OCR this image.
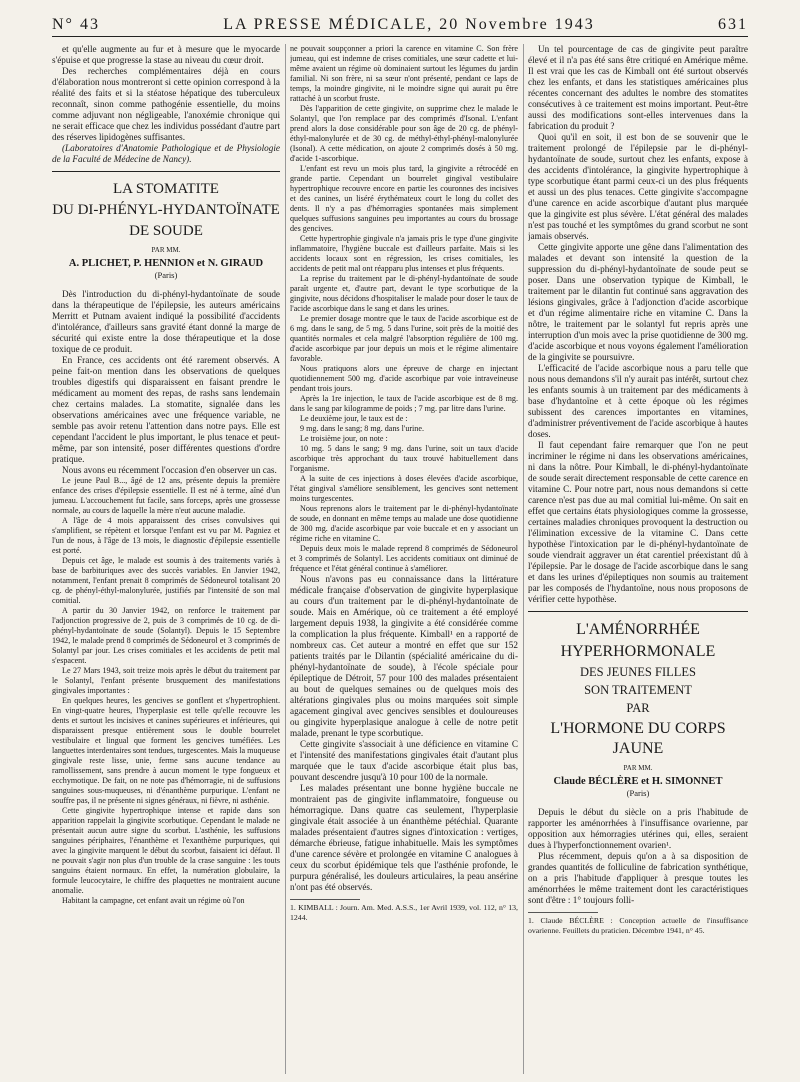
N° 43	LA PRESSE MÉDICALE, 20 Novembre 1943	631

et qu'elle augmente au fur et à mesure que le myocarde s'épuise et que progresse la stase au niveau du cœur droit.

Des recherches complémentaires déjà en cours d'élaboration nous montreront si cette opinion correspond à la réalité des faits et si la stéatose hépatique des tuberculeux reconnaît, sinon comme pathogénie essentielle, du moins comme adjuvant non négligeable, l'anoxémie chronique qui ne serait efficace que chez les individus possédant d'autre part des réserves lipidogènes suffisantes.

(Laboratoires d'Anatomie Pathologique et de Physiologie de la Faculté de Médecine de Nancy).

LA STOMATITE
DU DI-PHÉNYL-HYDANTOÏNATE
DE SOUDE
PAR MM.
A. PLICHET, P. HENNION et N. GIRAUD
(Paris)

Dès l'introduction du di-phényl-hydantoïnate de soude dans la thérapeutique de l'épilepsie, les auteurs américains Merritt et Putnam avaient indiqué la possibilité d'accidents d'intolérance, d'ailleurs sans gravité étant donné la marge de sécurité qui existe entre la dose thérapeutique et la dose toxique de ce produit.

En France, ces accidents ont été rarement observés. A peine fait-on mention dans les observations de quelques troubles digestifs qui disparaissent en faisant prendre le médicament au moment des repas, de rashs sans lendemain chez certains malades. La stomatite, signalée dans les observations américaines avec une fréquence variable, ne semble pas avoir retenu l'attention dans notre pays. Elle est cependant l'accident le plus important, le plus tenace et peut-même, par son intensité, poser différentes questions d'ordre pratique.

Nous avons eu récemment l'occasion d'en observer un cas.

Le jeune Paul B..., âgé de 12 ans, présente depuis la première enfance des crises d'épilepsie essentielle. Il est né à terme, aîné d'un jumeau. L'accouchement fut facile, sans forceps, après une grossesse normale, au cours de laquelle la mère n'eut aucune maladie.

A l'âge de 4 mois apparaissent des crises convulsives qui s'amplifient, se répètent et lorsque l'enfant est vu par M. Pagniez et l'un de nous, à l'âge de 13 mois, le diagnostic d'épilepsie essentielle est porté.

Depuis cet âge, le malade est soumis à des traitements variés à base de barbituriques avec des succès variables. En Janvier 1942, notamment, l'enfant prenait 8 comprimés de Sédoneurol totalisant 20 cg. de phényl-éthyl-malonylurée, justifiés par l'intensité de son mal comitial.

A partir du 30 Janvier 1942, on renforce le traitement par l'adjonction progressive de 2, puis de 3 comprimés de 10 cg. de di-phényl-hydantoïnate de soude (Solantyl). Depuis le 15 Septembre 1942, le malade prend 8 comprimés de Sédoneurol et 3 comprimés de Solantyl par jour. Les crises comitiales et les accidents de petit mal s'espacent.

Le 27 Mars 1943, soit treize mois après le début du traitement par le Solantyl, l'enfant présente brusquement des manifestations gingivales importantes :

En quelques heures, les gencives se gonflent et s'hypertrophient. En vingt-quatre heures, l'hyperplasie est telle qu'elle recouvre les dents et surtout les incisives et canines supérieures et inférieures, qui disparaissent presque entièrement sous le double bourrelet vestibulaire et lingual que forment les gencives tuméfiées. Les languettes interdentaires sont tendues, turgescentes. Mais la muqueuse gingivale reste lisse, unie, ferme sans aucune tendance au ramollissement, sans prendre à aucun moment le type fongueux et ecchymotique. De fait, on ne note pas d'hémorragie, ni de suffusions sanguines sous-muqueuses, ni d'énanthème purpurique. L'enfant ne souffre pas, il ne présente ni signes généraux, ni fièvre, ni asthénie.

Cette gingivite hypertrophique intense et rapide dans son apparition rappelait la gingivite scorbutique. Cependant le malade ne présentait aucun autre signe du scorbut. L'asthénie, les suffusions sanguines périphaires, l'énanthème et l'exanthème purpuriques, qui avec la gingivite marquent le début du scorbut, faisaient ici défaut. Il ne pouvait s'agir non plus d'un trouble de la crase sanguine : les touts sanguins étaient normaux. En effet, la numération globulaire, la formule leucocytaire, le chiffre des plaquettes ne montraient aucune anomalie.

Habitant la campagne, cet enfant avait un régime où l'on

ne pouvait soupçonner a priori la carence en vitamine C. Son frère jumeau, qui est indemne de crises comitiales, une sœur cadette et lui-même avaient un régime où dominaient surtout les légumes du jardin familial. Ni son frère, ni sa sœur n'ont présenté, pendant ce laps de temps, la moindre gingivite, ni le moindre signe qui aurait pu être rattaché à un scorbut fruste.

Dès l'apparition de cette gingivite, on supprime chez le malade le Solantyl, que l'on remplace par des comprimés d'Isonal. L'enfant prend alors la dose considérable pour son âge de 20 cg. de phényl-éthyl-malonylurée et de 30 cg. de méthyl-éthyl-phényl-malonylurée (Isonal). A cette médication, on ajoute 2 comprimés dosés à 50 mg. d'acide 1-ascorbique.

L'enfant est revu un mois plus tard, la gingivite a rétrocédé en grande partie. Cependant un bourrelet gingival vestibulaire hypertrophique recouvre encore en partie les couronnes des incisives et des canines, un liséré érythémateux court le long du collet des dents. Il n'y a pas d'hémorragies spontanées mais simplement quelques suffusions sanguines peu importantes au cours du brossage des gencives.

Cette hypertrophie gingivale n'a jamais pris le type d'une gingivite inflammatoire, l'hygiène buccale est d'ailleurs parfaite. Mais si les accidents locaux sont en régression, les crises comitiales, les accidents de petit mal ont réapparu plus intenses et plus fréquents.

La reprise du traitement par le di-phényl-hydantoïnate de soude paraît urgente et, d'autre part, devant le type scorbutique de la gingivite, nous décidons d'hospitaliser le malade pour doser le taux de l'acide ascorbique dans le sang et dans les urines.

Le premier dosage montre que le taux de l'acide ascorbique est de 6 mg. dans le sang, de 5 mg. 5 dans l'urine, soit près de la moitié des quantités normales et cela malgré l'absorption régulière de 100 mg. d'acide ascorbique par jour depuis un mois et le régime alimentaire favorable.

Nous pratiquons alors une épreuve de charge en injectant quotidiennement 500 mg. d'acide ascorbique par voie intraveineuse pendant trois jours.

Après la 1re injection, le taux de l'acide ascorbique est de 8 mg. dans le sang par kilogramme de poids ; 7 mg. par litre dans l'urine.

Le deuxième jour, le taux est de :

9 mg. dans le sang; 8 mg. dans l'urine.

Le troisième jour, on note :

10 mg. 5 dans le sang; 9 mg. dans l'urine, soit un taux d'acide ascorbique très approchant du taux trouvé habituellement dans l'organisme.

A la suite de ces injections à doses élevées d'acide ascorbique, l'état gingival s'améliore sensiblement, les gencives sont nettement moins turgescentes.

Nous reprenons alors le traitement par le di-phényl-hydantoïnate de soude, en donnant en même temps au malade une dose quotidienne de 300 mg. d'acide ascorbique par voie buccale et en y associant un régime riche en vitamine C.

Depuis deux mois le malade reprend 8 comprimés de Sédoneurol et 3 comprimés de Solantyl. Les accidents comitiaux ont diminué de fréquence et l'état général continue à s'améliorer.

Nous n'avons pas eu connaissance dans la littérature médicale française d'observation de gingivite hyperplasique au cours d'un traitement par le di-phényl-hydantoïnate de soude. Mais en Amérique, où ce traitement a été employé largement depuis 1938, la gingivite a été considérée comme la complication la plus fréquente. Kimball¹ en a rapporté de nombreux cas. Cet auteur a montré en effet que sur 152 patients traités par le Dilantin (spécialité américaine du di-phényl-hydantoïnate de soude), à l'école spéciale pour épileptique de Détroit, 57 pour 100 des malades présentaient au bout de quelques semaines ou de quelques mois des altérations gingivales plus ou moins marquées soit simple agacement gingival avec gencives sensibles et douloureuses ou gingivite hyperplasique analogue à celle de notre petit malade, prenant le type scorbutique.

Cette gingivite s'associait à une déficience en vitamine C et l'intensité des manifestations gingivales était d'autant plus marquée que le taux d'acide ascorbique était plus bas, pouvant descendre jusqu'à 10 pour 100 de la normale.

Les malades présentant une bonne hygiène buccale ne montraient pas de gingivite inflammatoire, fongueuse ou hémorragique. Dans quatre cas seulement, l'hyperplasie gingivale était associée à un énanthème pétéchial. Quarante malades présentaient d'autres signes d'intoxication : vertiges, démarche ébrieuse, fatigue inhabituelle. Mais les symptômes d'une carence sévère et prolongée en vitamine C analogues à ceux du scorbut épidémique tels que l'asthénie profonde, le purpura généralisé, les douleurs articulaires, la peau ansérine n'ont pas été observés.

1. KIMBALL : Journ. Am. Med. A.S.S., 1er Avril 1939, vol. 112, n° 13, 1244.

Un tel pourcentage de cas de gingivite peut paraître élevé et il n'a pas été sans être critiqué en Amérique même. Il est vrai que les cas de Kimball ont été surtout observés chez les enfants, et dans les statistiques américaines plus récentes concernant des adultes le nombre des stomatites consécutives à ce traitement est moins important. Peut-être aussi des modifications sont-elles intervenues dans la fabrication du produit ?

Quoi qu'il en soit, il est bon de se souvenir que le traitement prolongé de l'épilepsie par le di-phényl-hydantoïnate de soude, surtout chez les enfants, expose à des accidents d'intolérance, la gingivite hypertrophique à type scorbutique étant parmi ceux-ci un des plus fréquents et aussi un des plus tenaces. Cette gingivite s'accompagne d'une carence en acide ascorbique d'autant plus marquée que la gingivite est plus sévère. L'état général des malades n'est pas touché et les symptômes du grand scorbut ne sont jamais observés.

Cette gingivite apporte une gêne dans l'alimentation des malades et devant son intensité la question de la suppression du di-phényl-hydantoïnate de soude peut se poser. Dans une observation typique de Kimball, le traitement par le dilantin fut continué sans aggravation des lésions gingivales, grâce à l'adjonction d'acide ascorbique et d'un régime alimentaire riche en vitamine C. Dans la nôtre, le traitement par le solantyl fut repris après une interruption d'un mois avec la prise quotidienne de 300 mg. d'acide ascorbique et nous voyons également l'amélioration de la gingivite se poursuivre.

L'efficacité de l'acide ascorbique nous a paru telle que nous nous demandons s'il n'y aurait pas intérêt, surtout chez les enfants soumis à un traitement par des médicaments à base d'hydantoïne et à cette époque où les régimes subissent des carences importantes en vitamines, d'administrer préventivement de l'acide ascorbique à hautes doses.

Il faut cependant faire remarquer que l'on ne peut incriminer le régime ni dans les observations américaines, ni dans la nôtre. Pour Kimball, le di-phényl-hydantoïnate de soude serait directement responsable de cette carence en vitamine C. Pour notre part, nous nous demandons si cette carence n'est pas due au mal comitial lui-même. On sait en effet que certains états physiologiques comme la grossesse, certaines maladies chroniques provoquent la destruction ou l'élimination excessive de la vitamine C. Dans cette hypothèse l'intoxication par le di-phényl-hydantoïnate de soude viendrait aggraver un état carentiel préexistant dû à l'épilepsie. Par le dosage de l'acide ascorbique dans le sang et dans les urines d'épileptiques non soumis au traitement par les composés de l'hydantoïne, nous nous proposons de vérifier cette hypothèse.

L'AMÉNORRHÉE
HYPERHORMONALE
DES JEUNES FILLES
SON TRAITEMENT
PAR
L'HORMONE DU CORPS JAUNE
PAR MM.
Claude BÉCLÈRE et H. SIMONNET
(Paris)

Depuis le début du siècle on a pris l'habitude de rapporter les aménorrhées à l'insuffisance ovarienne, par opposition aux hémorragies utérines qui, elles, seraient dues à l'hyperfonctionnement ovarien¹.

Plus récemment, depuis qu'on a à sa disposition de grandes quantités de folliculine de fabrication synthétique, on a pris l'habitude d'appliquer à presque toutes les aménorrhées le même traitement dont les caractéristiques sont d'être : 1° toujours folli-

1. Claude BÉCLÈRE : Conception actuelle de l'insuffisance ovarienne. Feuillets du praticien. Décembre 1941, n° 45.
